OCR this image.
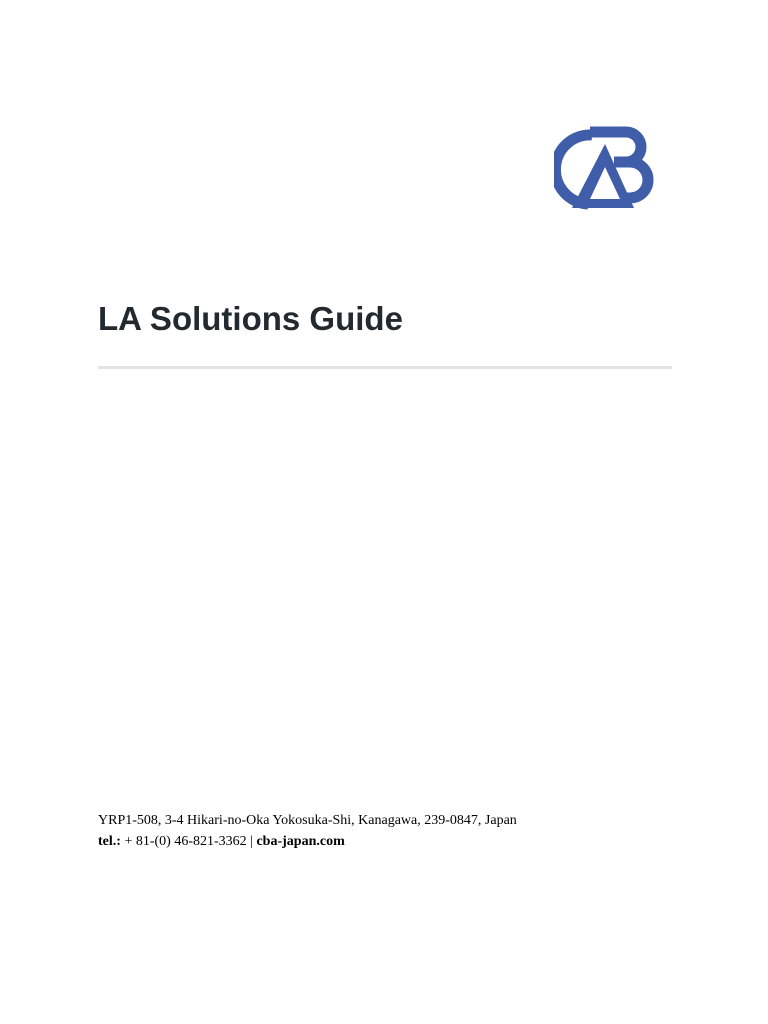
LA Solutions Guide
YRP1-508, 3-4 Hikari-no-Oka Yokosuka-Shi, Kanagawa, 239-0847, Japan
tel.: + 81-(0) 46-821-3362 | cba-japan.com
